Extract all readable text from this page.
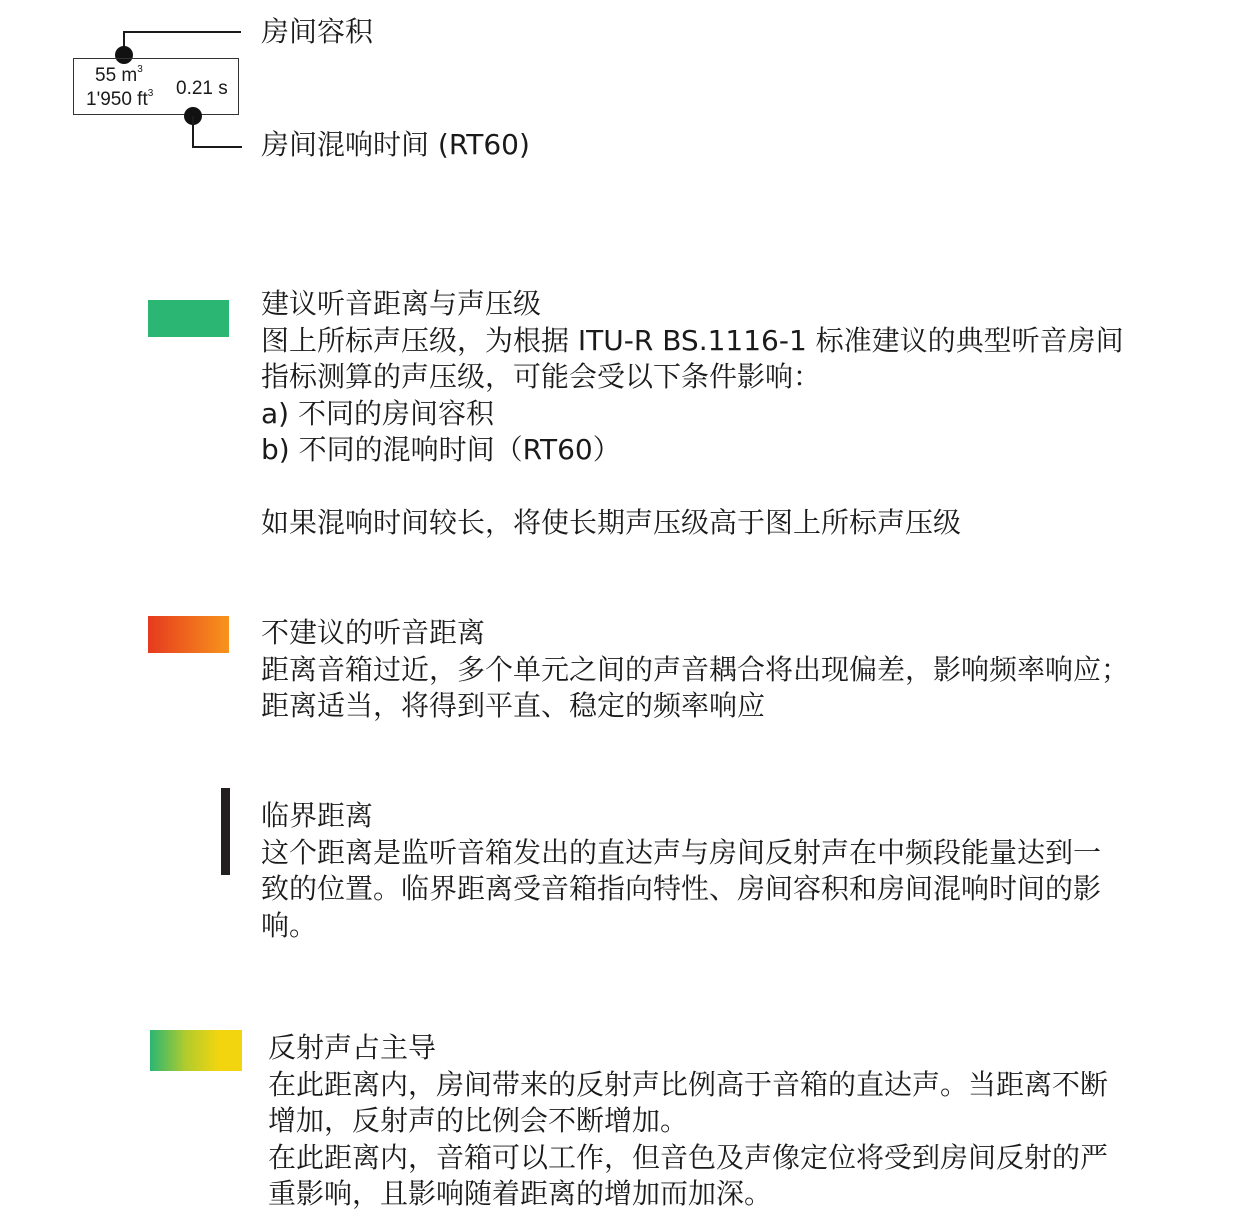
房间容积
55 $m^3$
1'950 $ft^3$ 0.21 s
房间混响时间 (RT60)
建议听音距离与声压级
图上所标声压级，为根据 ITU-R BS.1116-1 标准建议的典型听音房间
指标测算的声压级，可能会受以下条件影响：
a) 不同的房间容积
b) 不同的混响时间（RT60）
如果混响时间较长，将使长期声压级高于图上所标声压级
不建议的听音距离
距离音箱过近，多个单元之间的声音耦合将出现偏差，影响频率响应；
距离适当，将得到平直、稳定的频率响应
临界距离
这个距离是监听音箱发出的直达声与房间反射声在中频段能量达到一
致的位置。临界距离受音箱指向特性、房间容积和房间混响时间的影
响。
反射声占主导
在此距离内，房间带来的反射声比例高于音箱的直达声。当距离不断
增加，反射声的比例会不断增加。
在此距离内，音箱可以工作，但音色及声像定位将受到房间反射的严
重影响，且影响随着距离的增加而加深。
